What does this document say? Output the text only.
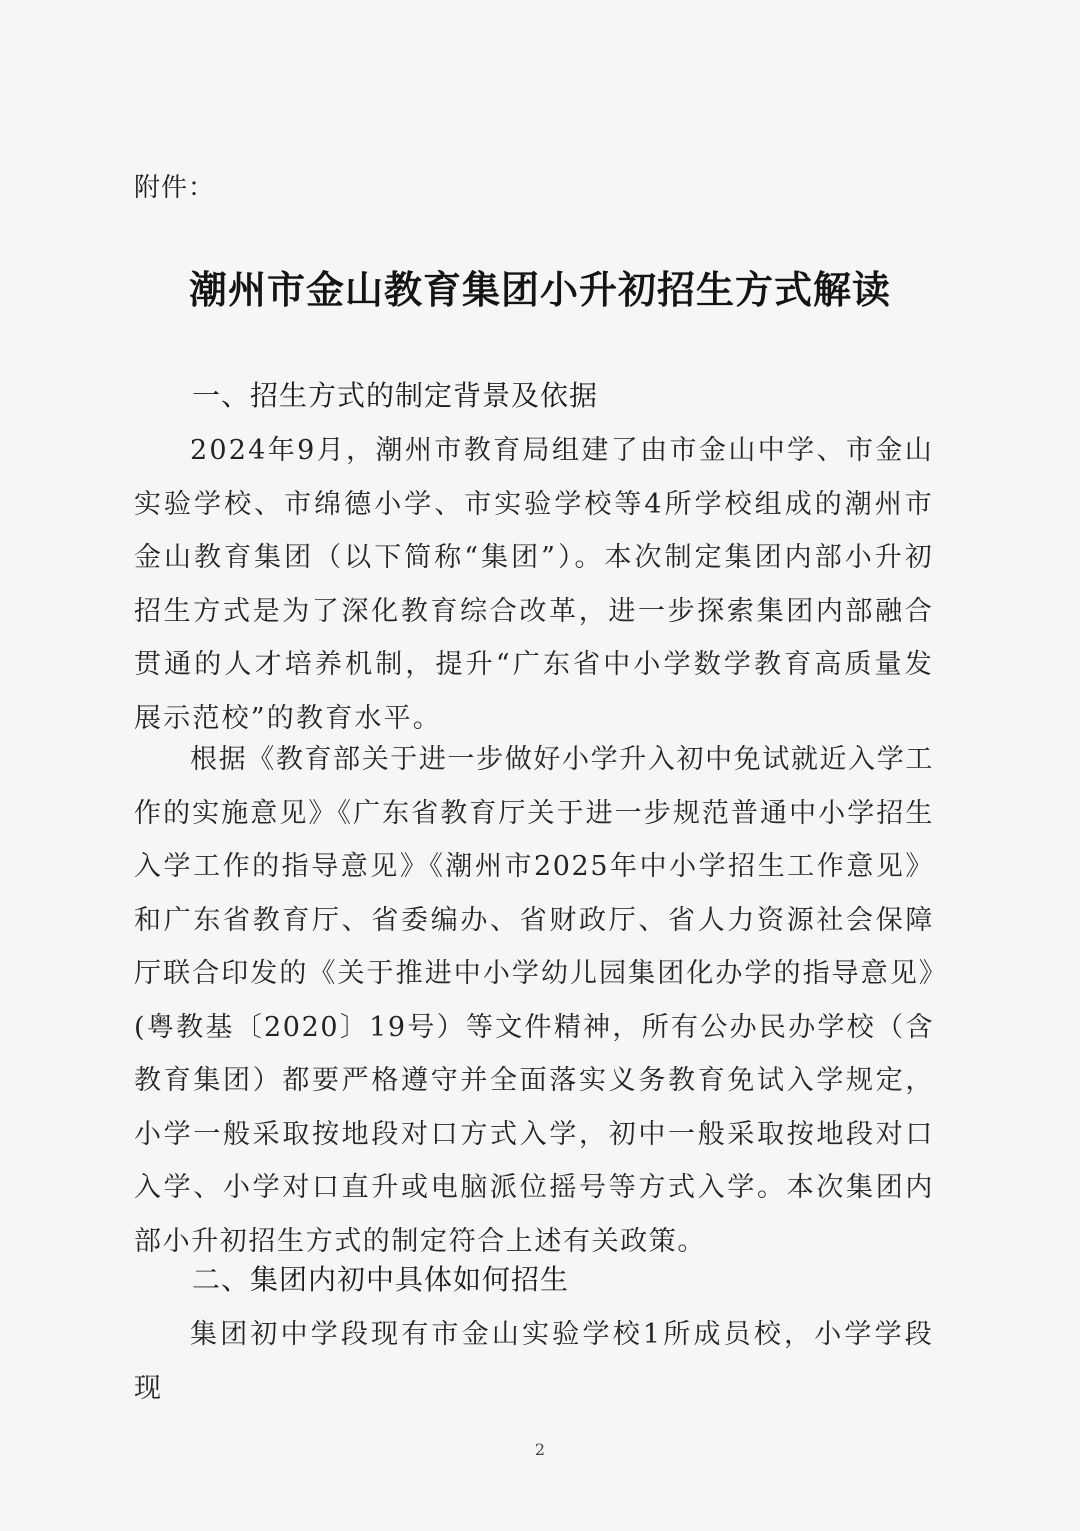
附件：
潮州市金山教育集团小升初招生方式解读
一、招生方式的制定背景及依据

2024年9月，潮州市教育局组建了由市金山中学、市金山实验学校、市绵德小学、市实验学校等4所学校组成的潮州市金山教育集团（以下简称“集团”）。本次制定集团内部小升初招生方式是为了深化教育综合改革，进一步探索集团内部融合贯通的人才培养机制，提升“广东省中小学数学教育高质量发展示范校”的教育水平。

根据《教育部关于进一步做好小学升入初中免试就近入学工作的实施意见》《广东省教育厅关于进一步规范普通中小学招生入学工作的指导意见》《潮州市2025年中小学招生工作意见》和广东省教育厅、省委编办、省财政厅、省人力资源社会保障厅联合印发的《关于推进中小学幼儿园集团化办学的指导意见》(粤教基〔2020〕19号）等文件精神，所有公办民办学校（含教育集团）都要严格遵守并全面落实义务教育免试入学规定，小学一般采取按地段对口方式入学，初中一般采取按地段对口入学、小学对口直升或电脑派位摇号等方式入学。本次集团内部小升初招生方式的制定符合上述有关政策。

二、集团内初中具体如何招生

集团初中学段现有市金山实验学校1所成员校，小学学段现

2
